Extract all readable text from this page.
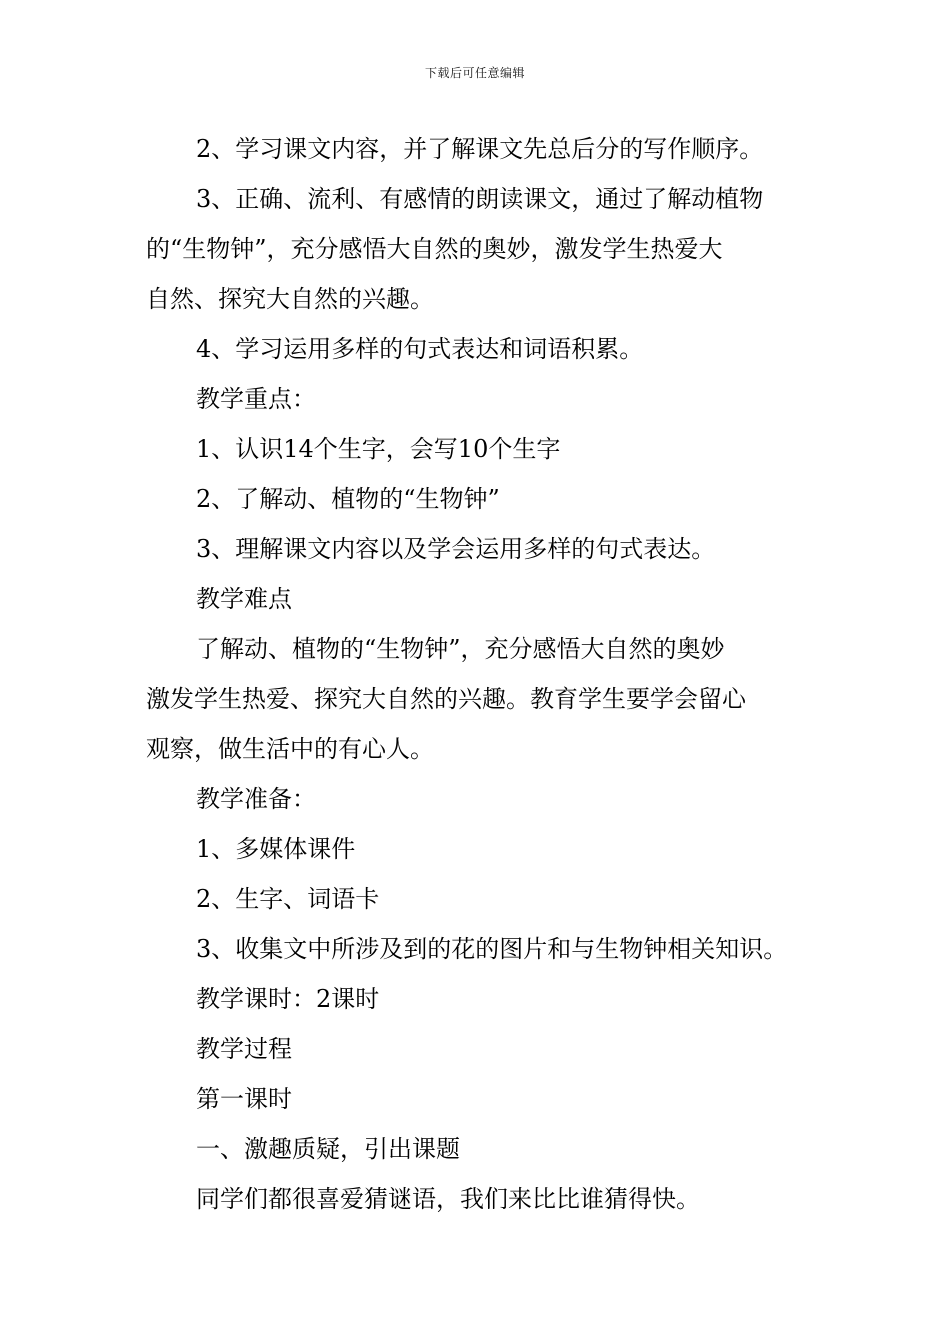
下载后可任意编辑

2、学习课文内容，并了解课文先总后分的写作顺序。

3、正确、流利、有感情的朗读课文，通过了解动植物

的“生物钟”，充分感悟大自然的奥妙，激发学生热爱大

自然、探究大自然的兴趣。

4、学习运用多样的句式表达和词语积累。

教学重点：

1、认识14个生字，会写10个生字

2、了解动、植物的“生物钟”

3、理解课文内容以及学会运用多样的句式表达。

教学难点

了解动、植物的“生物钟”，充分感悟大自然的奥妙

激发学生热爱、探究大自然的兴趣。教育学生要学会留心

观察，做生活中的有心人。

教学准备：

1、多媒体课件

2、生字、词语卡

3、收集文中所涉及到的花的图片和与生物钟相关知识。

教学课时：2课时

教学过程

第一课时

一、激趣质疑，引出课题

同学们都很喜爱猜谜语，我们来比比谁猜得快。
